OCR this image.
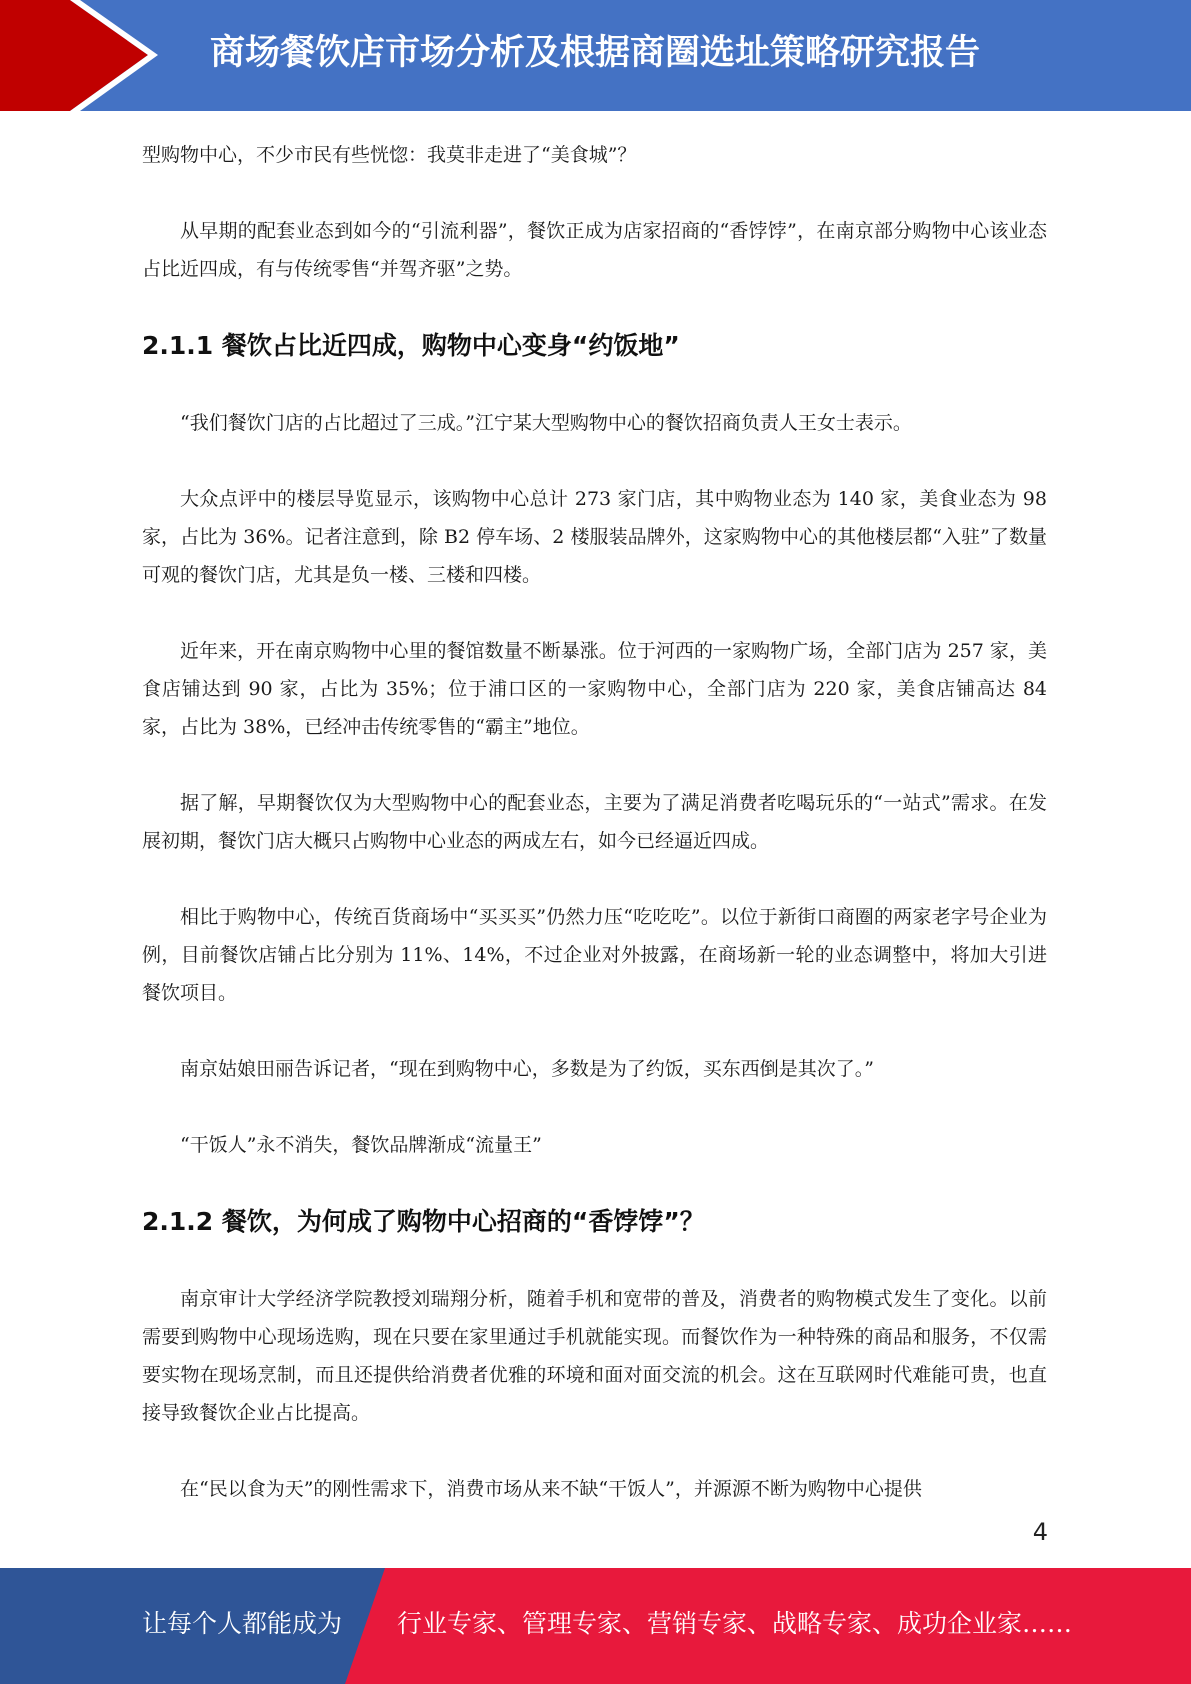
商场餐饮店市场分析及根据商圈选址策略研究报告

型购物中心，不少市民有些恍惚：我莫非走进了“美食城”？

从早期的配套业态到如今的“引流利器”，餐饮正成为店家招商的“香饽饽”，在南京部分购物中心该业态占比近四成，有与传统零售“并驾齐驱”之势。

2.1.1 餐饮占比近四成，购物中心变身“约饭地”

“我们餐饮门店的占比超过了三成。”江宁某大型购物中心的餐饮招商负责人王女士表示。

大众点评中的楼层导览显示，该购物中心总计 273 家门店，其中购物业态为 140 家，美食业态为 98 家，占比为 36%。记者注意到，除 B2 停车场、2 楼服装品牌外，这家购物中心的其他楼层都“入驻”了数量可观的餐饮门店，尤其是负一楼、三楼和四楼。

近年来，开在南京购物中心里的餐馆数量不断暴涨。位于河西的一家购物广场，全部门店为 257 家，美食店铺达到 90 家，占比为 35%；位于浦口区的一家购物中心，全部门店为 220 家，美食店铺高达 84 家，占比为 38%，已经冲击传统零售的“霸主”地位。

据了解，早期餐饮仅为大型购物中心的配套业态，主要为了满足消费者吃喝玩乐的“一站式”需求。在发展初期，餐饮门店大概只占购物中心业态的两成左右，如今已经逼近四成。

相比于购物中心，传统百货商场中“买买买”仍然力压“吃吃吃”。以位于新街口商圈的两家老字号企业为例，目前餐饮店铺占比分别为 11%、14%，不过企业对外披露，在商场新一轮的业态调整中，将加大引进餐饮项目。

南京姑娘田丽告诉记者，“现在到购物中心，多数是为了约饭，买东西倒是其次了。”

“干饭人”永不消失，餐饮品牌渐成“流量王”

2.1.2 餐饮，为何成了购物中心招商的“香饽饽”？

南京审计大学经济学院教授刘瑞翔分析，随着手机和宽带的普及，消费者的购物模式发生了变化。以前需要到购物中心现场选购，现在只要在家里通过手机就能实现。而餐饮作为一种特殊的商品和服务，不仅需要实物在现场烹制，而且还提供给消费者优雅的环境和面对面交流的机会。这在互联网时代难能可贵，也直接导致餐饮企业占比提高。

在“民以食为天”的刚性需求下，消费市场从来不缺“干饭人”，并源源不断为购物中心提供

4
让每个人都能成为 行业专家、管理专家、营销专家、战略专家、成功企业家……
